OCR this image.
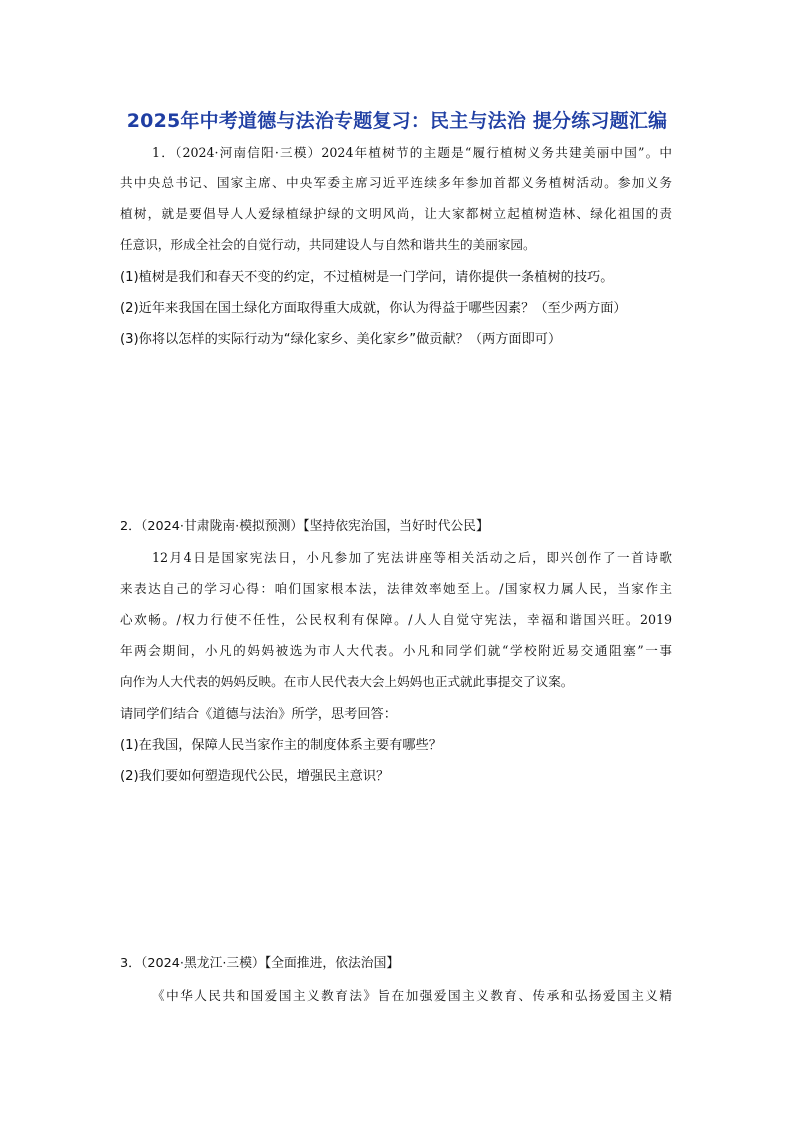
2025年中考道德与法治专题复习：民主与法治 提分练习题汇编
1．（2024·河南信阳·三模）2024年植树节的主题是“履行植树义务共建美丽中国”。中
共中央总书记、国家主席、中央军委主席习近平连续多年参加首都义务植树活动。参加义务
植树，就是要倡导人人爱绿植绿护绿的文明风尚，让大家都树立起植树造林、绿化祖国的责
任意识，形成全社会的自觉行动，共同建设人与自然和谐共生的美丽家园。
(1)植树是我们和春天不变的约定，不过植树是一门学问，请你提供一条植树的技巧。
(2)近年来我国在国土绿化方面取得重大成就，你认为得益于哪些因素？（至少两方面）
(3)你将以怎样的实际行动为“绿化家乡、美化家乡”做贡献？（两方面即可）
2．（2024·甘肃陇南·模拟预测）【坚持依宪治国，当好时代公民】
12月4日是国家宪法日，小凡参加了宪法讲座等相关活动之后，即兴创作了一首诗歌
来表达自己的学习心得：咱们国家根本法，法律效率她至上。/国家权力属人民，当家作主
心欢畅。/权力行使不任性，公民权利有保障。/人人自觉守宪法，幸福和谐国兴旺。2019
年两会期间，小凡的妈妈被选为市人大代表。小凡和同学们就“学校附近易交通阻塞”一事
向作为人大代表的妈妈反映。在市人民代表大会上妈妈也正式就此事提交了议案。
请同学们结合《道德与法治》所学，思考回答：
(1)在我国，保障人民当家作主的制度体系主要有哪些？
(2)我们要如何塑造现代公民，增强民主意识？
3．（2024·黑龙江·三模）【全面推进，依法治国】
《中华人民共和国爱国主义教育法》旨在加强爱国主义教育、传承和弘扬爱国主义精
